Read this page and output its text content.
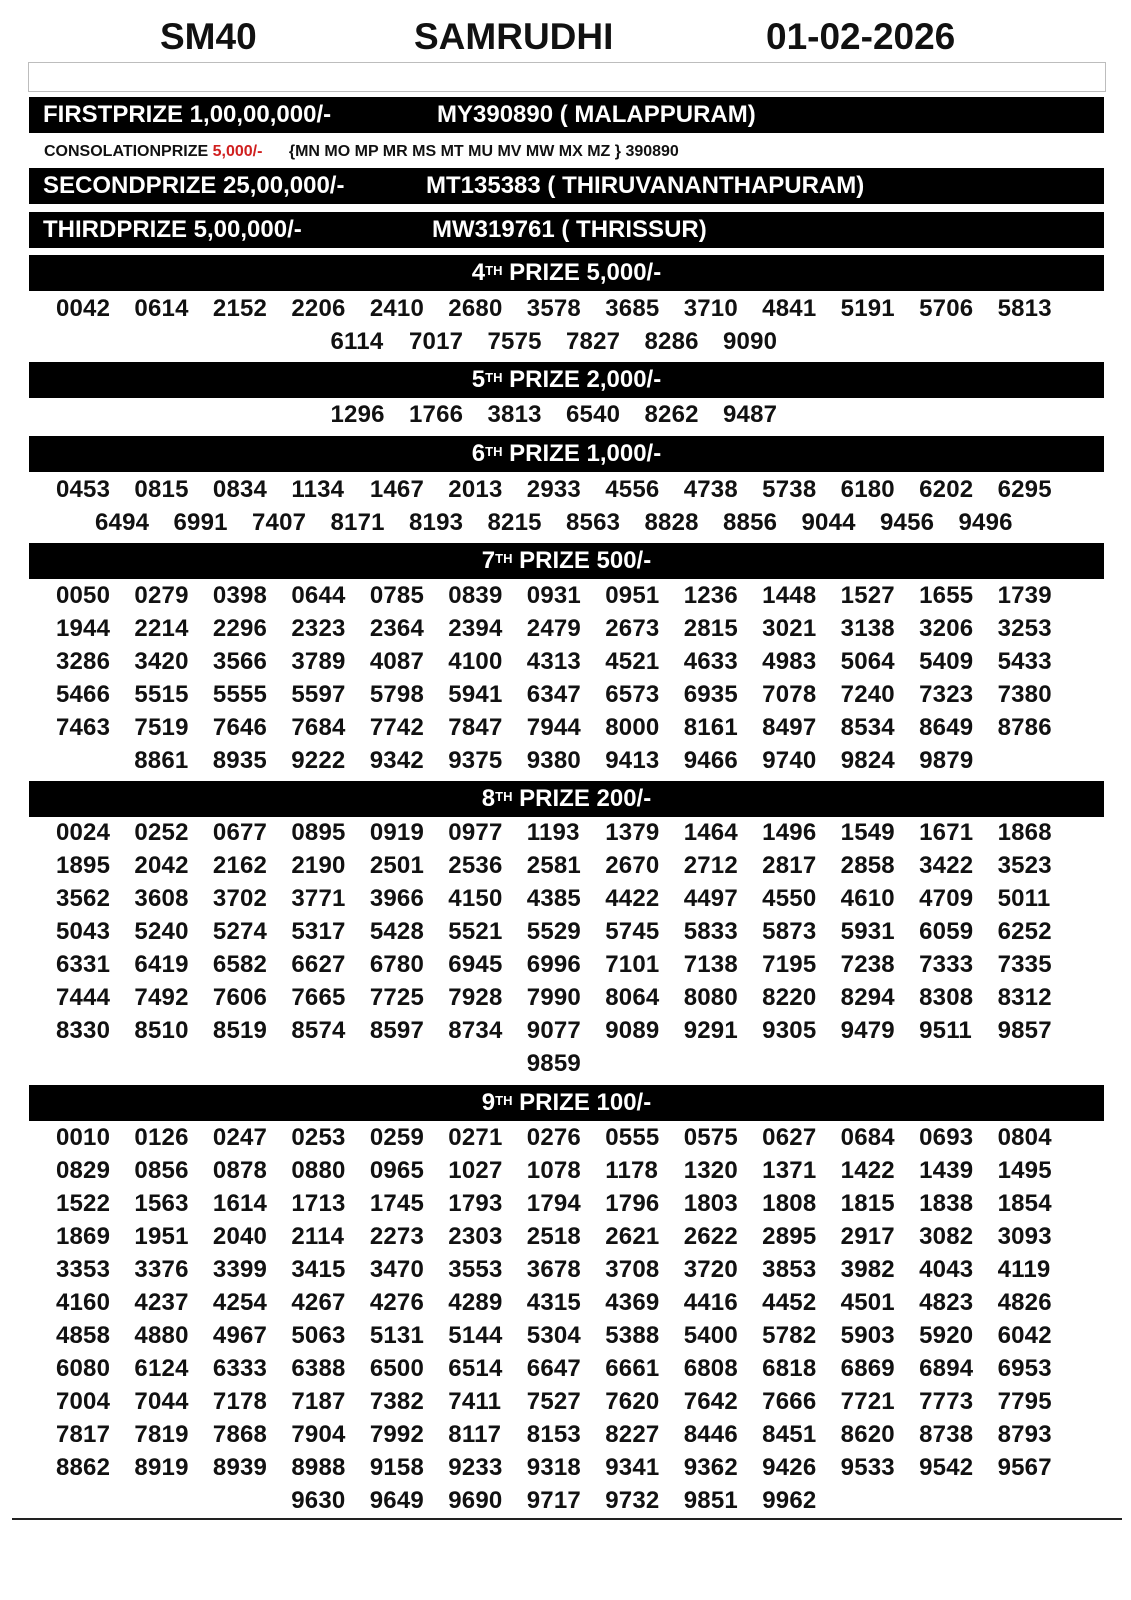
SM40	SAMRUDHI	01-02-2026
FIRSTPRIZE 1,00,00,000/-	MY390890 ( MALAPPURAM)
CONSOLATIONPRIZE 5,000/- {MN MO MP MR MS MT MU MV MW MX MZ } 390890
SECONDPRIZE 25,00,000/-	MT135383 ( THIRUVANANTHAPURAM)
THIRDPRIZE 5,00,000/-	MW319761 ( THRISSUR)
4TH PRIZE 5,000/-
0042	0614	2152	2206	2410	2680	3578	3685	3710	4841	5191	5706	5813
6114	7017	7575	7827	8286	9090
5TH PRIZE 2,000/-
1296	1766	3813	6540	8262	9487
6TH PRIZE 1,000/-
0453	0815	0834	1134	1467	2013	2933	4556	4738	5738	6180	6202	6295
6494	6991	7407	8171	8193	8215	8563	8828	8856	9044	9456	9496
7TH PRIZE 500/-
0050	0279	0398	0644	0785	0839	0931	0951	1236	1448	1527	1655	1739
1944	2214	2296	2323	2364	2394	2479	2673	2815	3021	3138	3206	3253
3286	3420	3566	3789	4087	4100	4313	4521	4633	4983	5064	5409	5433
5466	5515	5555	5597	5798	5941	6347	6573	6935	7078	7240	7323	7380
7463	7519	7646	7684	7742	7847	7944	8000	8161	8497	8534	8649	8786
8861	8935	9222	9342	9375	9380	9413	9466	9740	9824	9879
8TH PRIZE 200/-
0024	0252	0677	0895	0919	0977	1193	1379	1464	1496	1549	1671	1868
1895	2042	2162	2190	2501	2536	2581	2670	2712	2817	2858	3422	3523
3562	3608	3702	3771	3966	4150	4385	4422	4497	4550	4610	4709	5011
5043	5240	5274	5317	5428	5521	5529	5745	5833	5873	5931	6059	6252
6331	6419	6582	6627	6780	6945	6996	7101	7138	7195	7238	7333	7335
7444	7492	7606	7665	7725	7928	7990	8064	8080	8220	8294	8308	8312
8330	8510	8519	8574	8597	8734	9077	9089	9291	9305	9479	9511	9857
9859
9TH PRIZE 100/-
0010	0126	0247	0253	0259	0271	0276	0555	0575	0627	0684	0693	0804
0829	0856	0878	0880	0965	1027	1078	1178	1320	1371	1422	1439	1495
1522	1563	1614	1713	1745	1793	1794	1796	1803	1808	1815	1838	1854
1869	1951	2040	2114	2273	2303	2518	2621	2622	2895	2917	3082	3093
3353	3376	3399	3415	3470	3553	3678	3708	3720	3853	3982	4043	4119
4160	4237	4254	4267	4276	4289	4315	4369	4416	4452	4501	4823	4826
4858	4880	4967	5063	5131	5144	5304	5388	5400	5782	5903	5920	6042
6080	6124	6333	6388	6500	6514	6647	6661	6808	6818	6869	6894	6953
7004	7044	7178	7187	7382	7411	7527	7620	7642	7666	7721	7773	7795
7817	7819	7868	7904	7992	8117	8153	8227	8446	8451	8620	8738	8793
8862	8919	8939	8988	9158	9233	9318	9341	9362	9426	9533	9542	9567
9630	9649	9690	9717	9732	9851	9962
